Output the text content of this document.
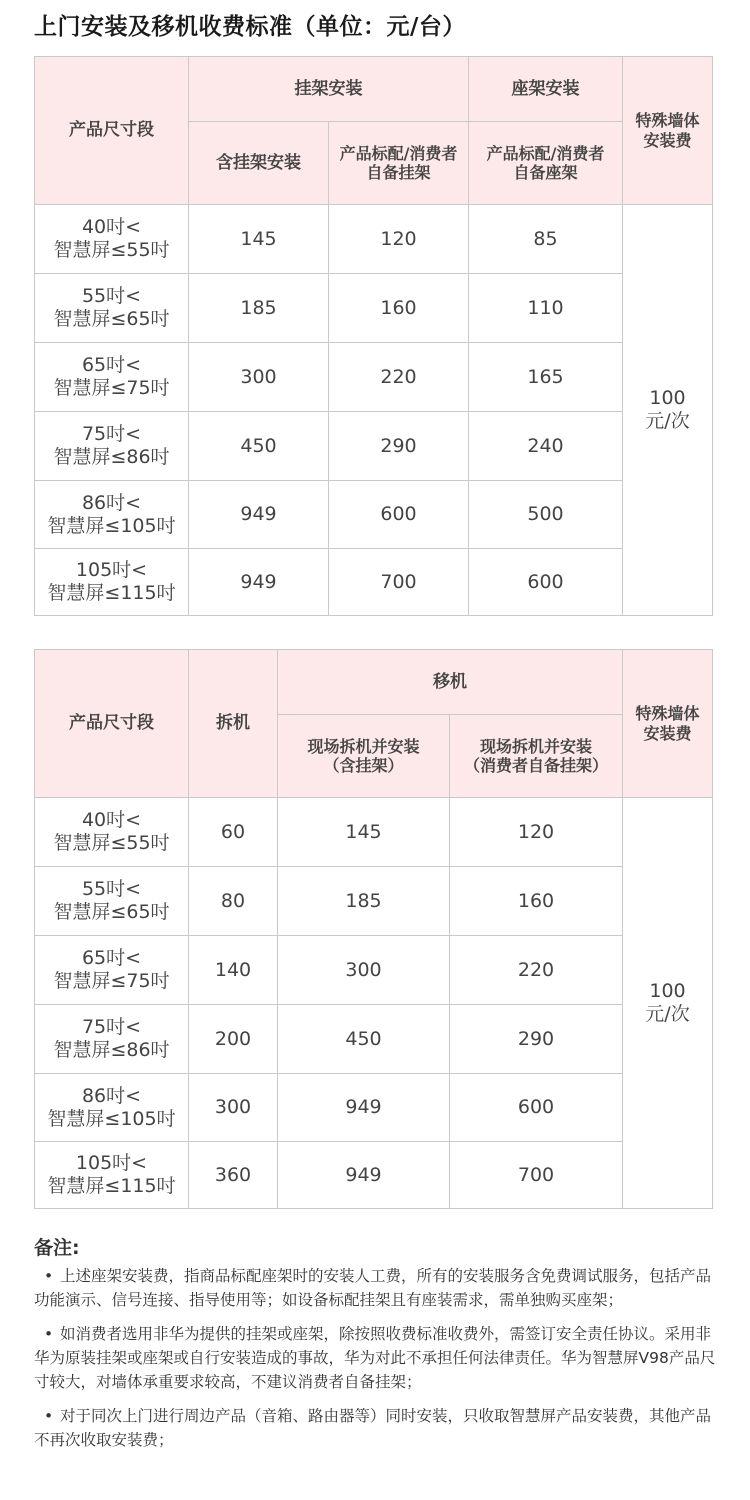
上门安装及移机收费标准（单位：元/台）
产品尺寸段	挂架安装		座架安装	特殊墙体
安装费

	含挂架安装	产品标配/消费者
自备挂架	产品标配/消费者
自备座架	

40吋<
智慧屏≤55吋	145	120	85	100
元/次

55吋<
智慧屏≤65吋	185	160	110	

65吋<
智慧屏≤75吋	300	220	165	

75吋<
智慧屏≤86吋	450	290	240	

86吋<
智慧屏≤105吋	949	600	500	

105吋<
智慧屏≤115吋	949	700	600	
产品尺寸段	拆机	移机		特殊墙体
安装费

		现场拆机并安装
（含挂架）	现场拆机并安装
（消费者自备挂架）	

40吋<
智慧屏≤55吋	60	145	120	100
元/次

55吋<
智慧屏≤65吋	80	185	160	

65吋<
智慧屏≤75吋	140	300	220	

75吋<
智慧屏≤86吋	200	450	290	

86吋<
智慧屏≤105吋	300	949	600	

105吋<
智慧屏≤115吋	360	949	700	
备注:
• 上述座架安装费，指商品标配座架时的安装人工费，所有的安装服务含免费调试服务，包括产品功能演示、信号连接、指导使用等；如设备标配挂架且有座装需求，需单独购买座架；
• 如消费者选用非华为提供的挂架或座架，除按照收费标准收费外，需签订安全责任协议。采用非华为原装挂架或座架或自行安装造成的事故，华为对此不承担任何法律责任。华为智慧屏V98产品尺寸较大，对墙体承重要求较高，不建议消费者自备挂架；
• 对于同次上门进行周边产品（音箱、路由器等）同时安装，只收取智慧屏产品安装费，其他产品不再次收取安装费；
